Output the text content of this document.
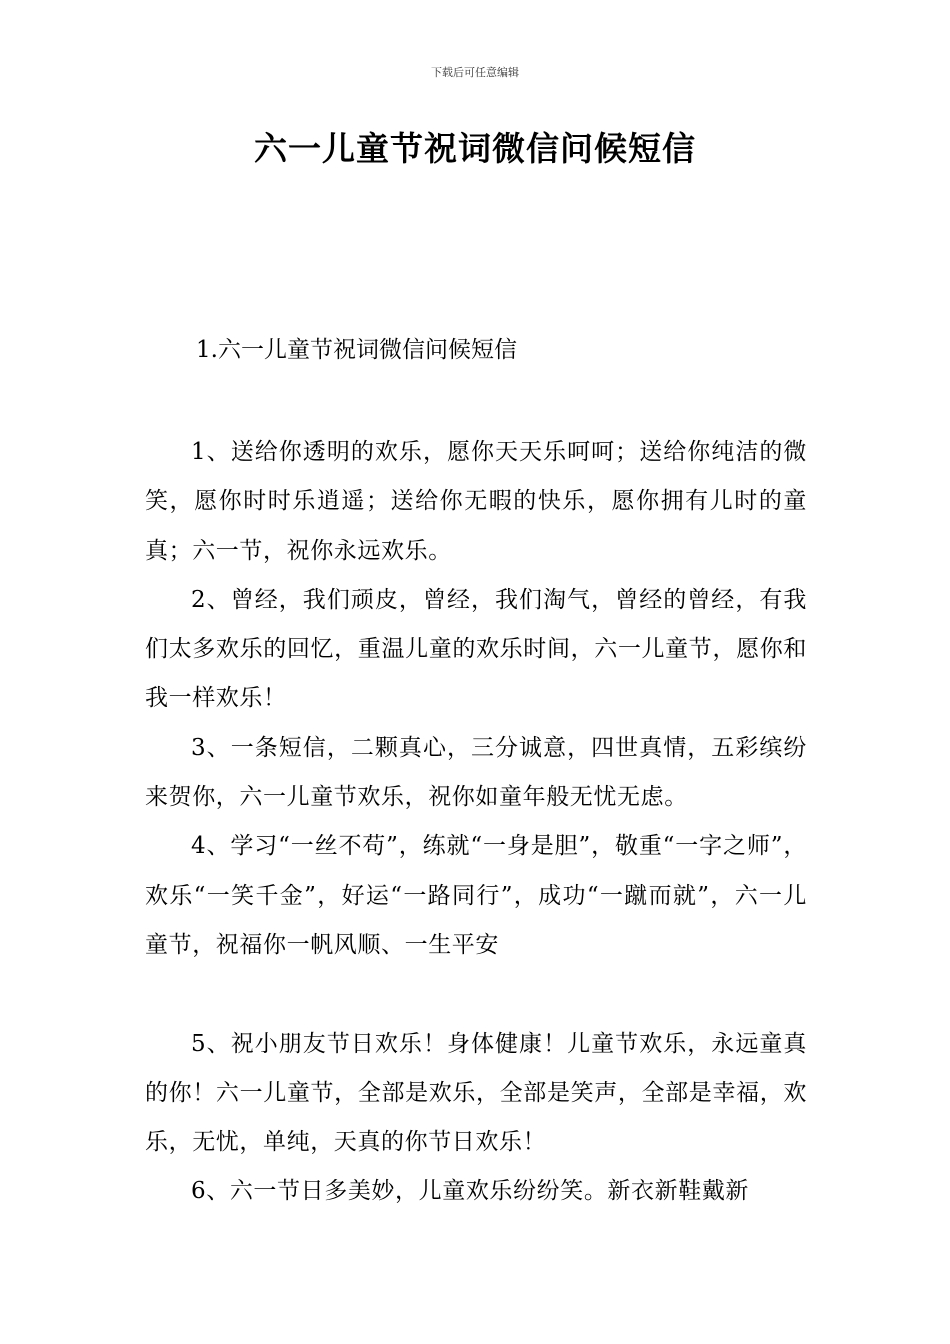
下载后可任意编辑
六一儿童节祝词微信问候短信
1.六一儿童节祝词微信问候短信

1、送给你透明的欢乐，愿你天天乐呵呵；送给你纯洁的微笑，愿你时时乐逍遥；送给你无暇的快乐，愿你拥有儿时的童真；六一节，祝你永远欢乐。

2、曾经，我们顽皮，曾经，我们淘气，曾经的曾经，有我们太多欢乐的回忆，重温儿童的欢乐时间，六一儿童节，愿你和我一样欢乐！

3、一条短信，二颗真心，三分诚意，四世真情，五彩缤纷来贺你，六一儿童节欢乐，祝你如童年般无忧无虑。

4、学习“一丝不苟”，练就“一身是胆”，敬重“一字之师”，欢乐“一笑千金”，好运“一路同行”，成功“一蹴而就”，六一儿童节，祝福你一帆风顺、一生平安

5、祝小朋友节日欢乐！身体健康！儿童节欢乐，永远童真的你！六一儿童节，全部是欢乐，全部是笑声，全部是幸福，欢乐，无忧，单纯，天真的你节日欢乐！

6、六一节日多美妙，儿童欢乐纷纷笑。新衣新鞋戴新
